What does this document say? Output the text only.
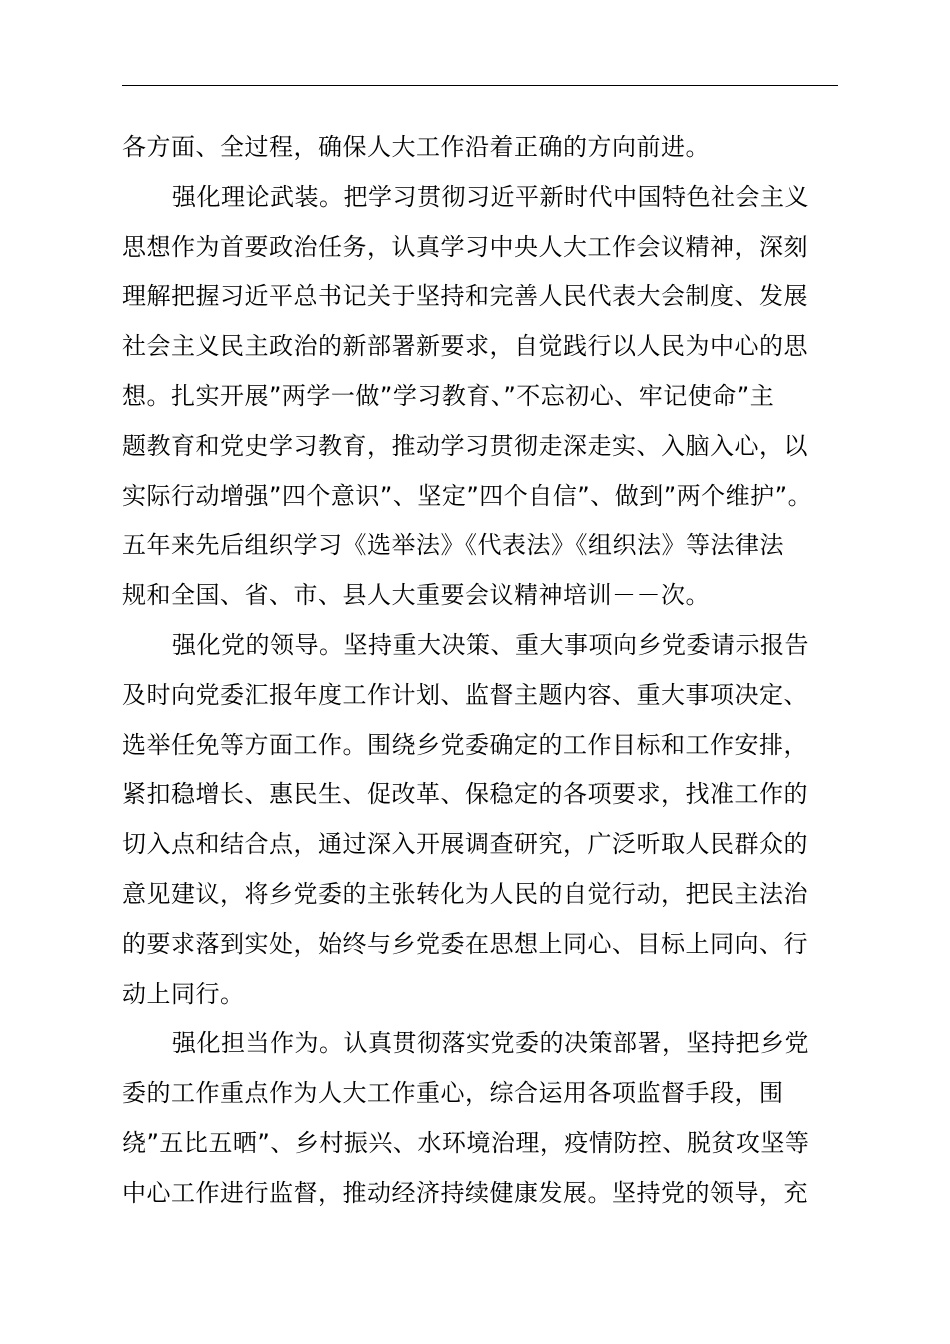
各方面、全过程，确保人大工作沿着正确的方向前进。
强化理论武装。把学习贯彻习近平新时代中国特色社会主义
思想作为首要政治任务，认真学习中央人大工作会议精神，深刻
理解把握习近平总书记关于坚持和完善人民代表大会制度、发展
社会主义民主政治的新部署新要求，自觉践行以人民为中心的思
想。扎实开展”两学一做”学习教育、”不忘初心、牢记使命”主
题教育和党史学习教育，推动学习贯彻走深走实、入脑入心，以
实际行动增强”四个意识”、坚定”四个自信”、做到”两个维护”。
五年来先后组织学习《选举法》《代表法》《组织法》等法律法
规和全国、省、市、县人大重要会议精神培训－－次。
强化党的领导。坚持重大决策、重大事项向乡党委请示报告
及时向党委汇报年度工作计划、监督主题内容、重大事项决定、
选举任免等方面工作。围绕乡党委确定的工作目标和工作安排，
紧扣稳增长、惠民生、促改革、保稳定的各项要求，找准工作的
切入点和结合点，通过深入开展调查研究，广泛听取人民群众的
意见建议，将乡党委的主张转化为人民的自觉行动，把民主法治
的要求落到实处，始终与乡党委在思想上同心、目标上同向、行
动上同行。
强化担当作为。认真贯彻落实党委的决策部署，坚持把乡党
委的工作重点作为人大工作重心，综合运用各项监督手段，围
绕”五比五晒”、乡村振兴、水环境治理，疫情防控、脱贫攻坚等
中心工作进行监督，推动经济持续健康发展。坚持党的领导，充
